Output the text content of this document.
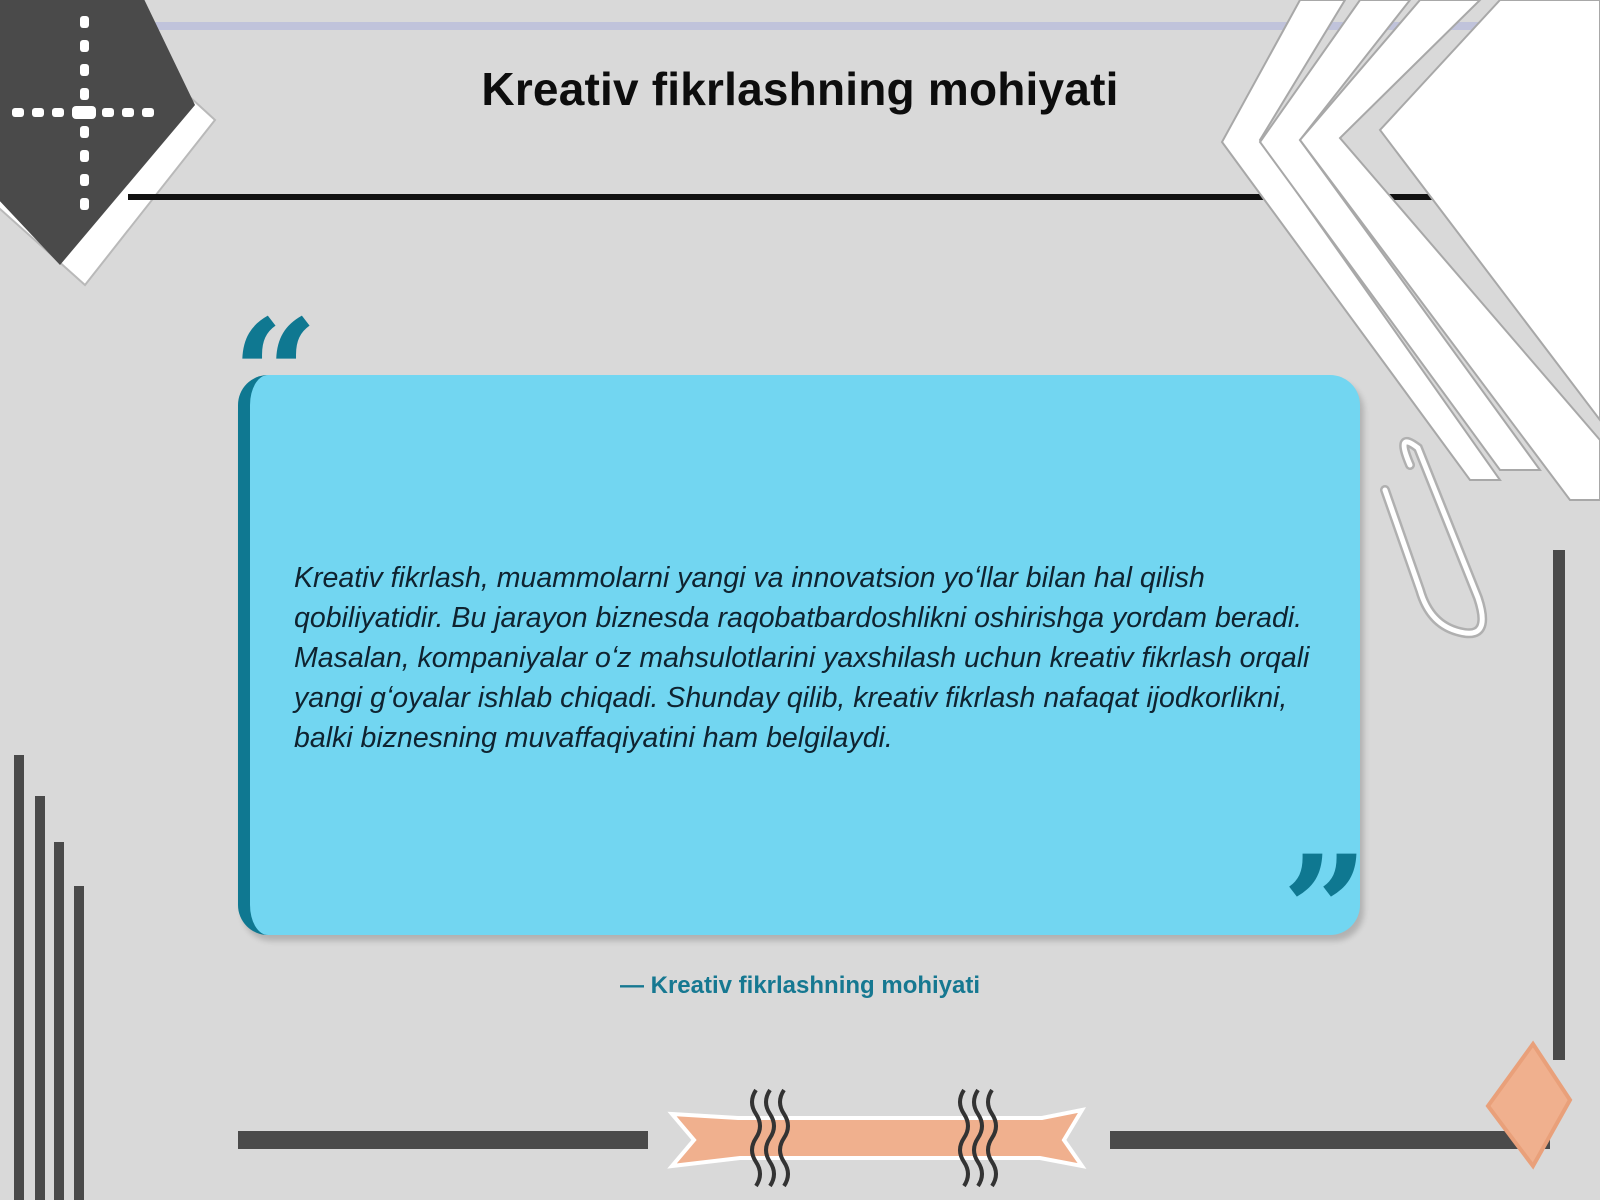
Kreativ fikrlashning mohiyati
“
”
Kreativ fikrlash, muammolarni yangi va innovatsion yoʻllar bilan hal qilish qobiliyatidir. Bu jarayon biznesda raqobatbardoshlikni oshirishga yordam beradi. Masalan, kompaniyalar oʻz mahsulotlarini yaxshilash uchun kreativ fikrlash orqali yangi gʻoyalar ishlab chiqadi. Shunday qilib, kreativ fikrlash nafaqat ijodkorlikni, balki biznesning muvaffaqiyatini ham belgilaydi.
— Kreativ fikrlashning mohiyati
